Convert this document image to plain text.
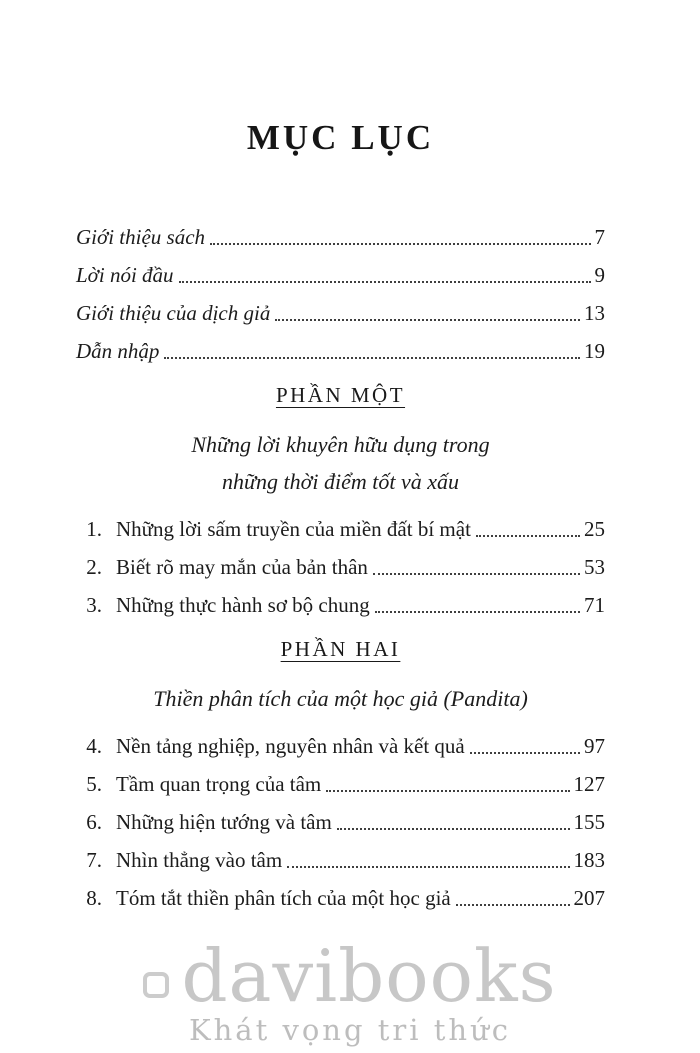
MỤC LỤC
Giới thiệu sách	7
Lời nói đầu	9
Giới thiệu của dịch giả	13
Dẫn nhập	19
PHẦN MỘT
Những lời khuyên hữu dụng trong
những thời điểm tốt và xấu
1. Những lời sấm truyền của miền đất bí mật	25
2. Biết rõ may mắn của bản thân	53
3. Những thực hành sơ bộ chung	71
PHẦN HAI
Thiền phân tích của một học giả (Pandita)
4. Nền tảng nghiệp, nguyên nhân và kết quả	97
5. Tầm quan trọng của tâm	127
6. Những hiện tướng và tâm	155
7. Nhìn thẳng vào tâm	183
8. Tóm tắt thiền phân tích của một học giả	207
davibooks
Khát vọng tri thức
